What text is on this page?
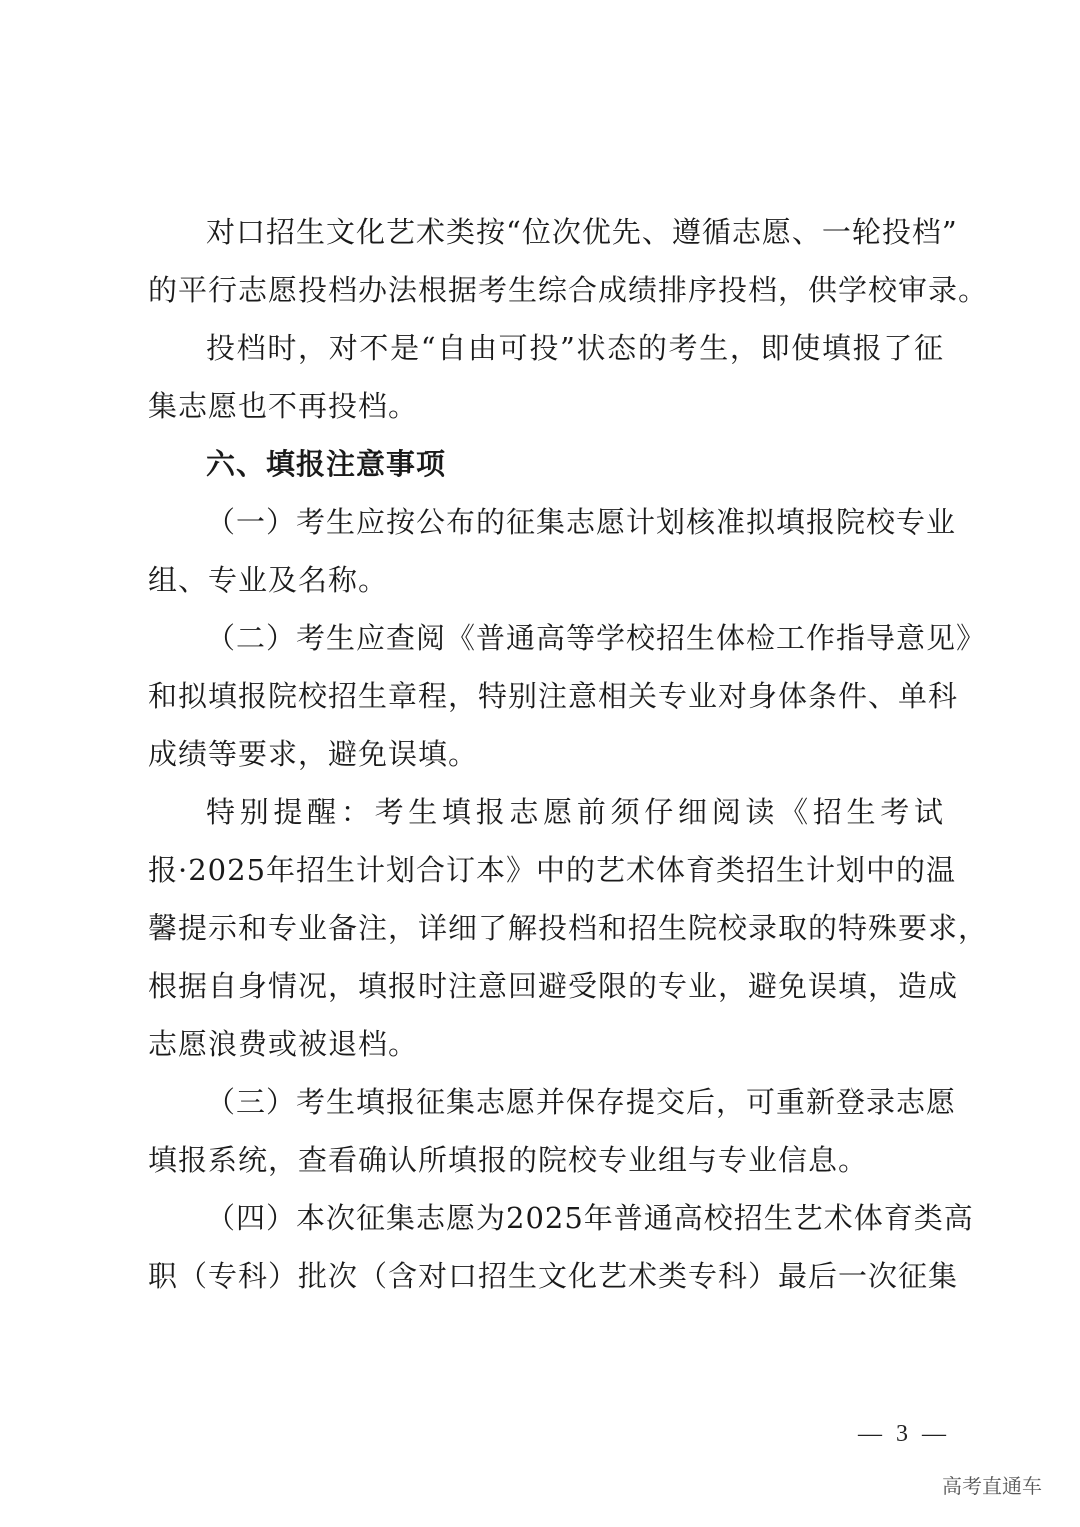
对口招生文化艺术类按“位次优先、遵循志愿、一轮投档”
的平行志愿投档办法根据考生综合成绩排序投档，供学校审录。
投档时，对不是“自由可投”状态的考生，即使填报了征
集志愿也不再投档。
六、填报注意事项
（一）考生应按公布的征集志愿计划核准拟填报院校专业
组、专业及名称。
（二）考生应查阅《普通高等学校招生体检工作指导意见》
和拟填报院校招生章程，特别注意相关专业对身体条件、单科
成绩等要求，避免误填。
特别提醒：考生填报志愿前须仔细阅读《招生考试
报·2025年招生计划合订本》中的艺术体育类招生计划中的温
馨提示和专业备注，详细了解投档和招生院校录取的特殊要求，
根据自身情况，填报时注意回避受限的专业，避免误填，造成
志愿浪费或被退档。
（三）考生填报征集志愿并保存提交后，可重新登录志愿
填报系统，查看确认所填报的院校专业组与专业信息。
（四）本次征集志愿为2025年普通高校招生艺术体育类高
职（专科）批次（含对口招生文化艺术类专科）最后一次征集
— 3 —
高考直通车
